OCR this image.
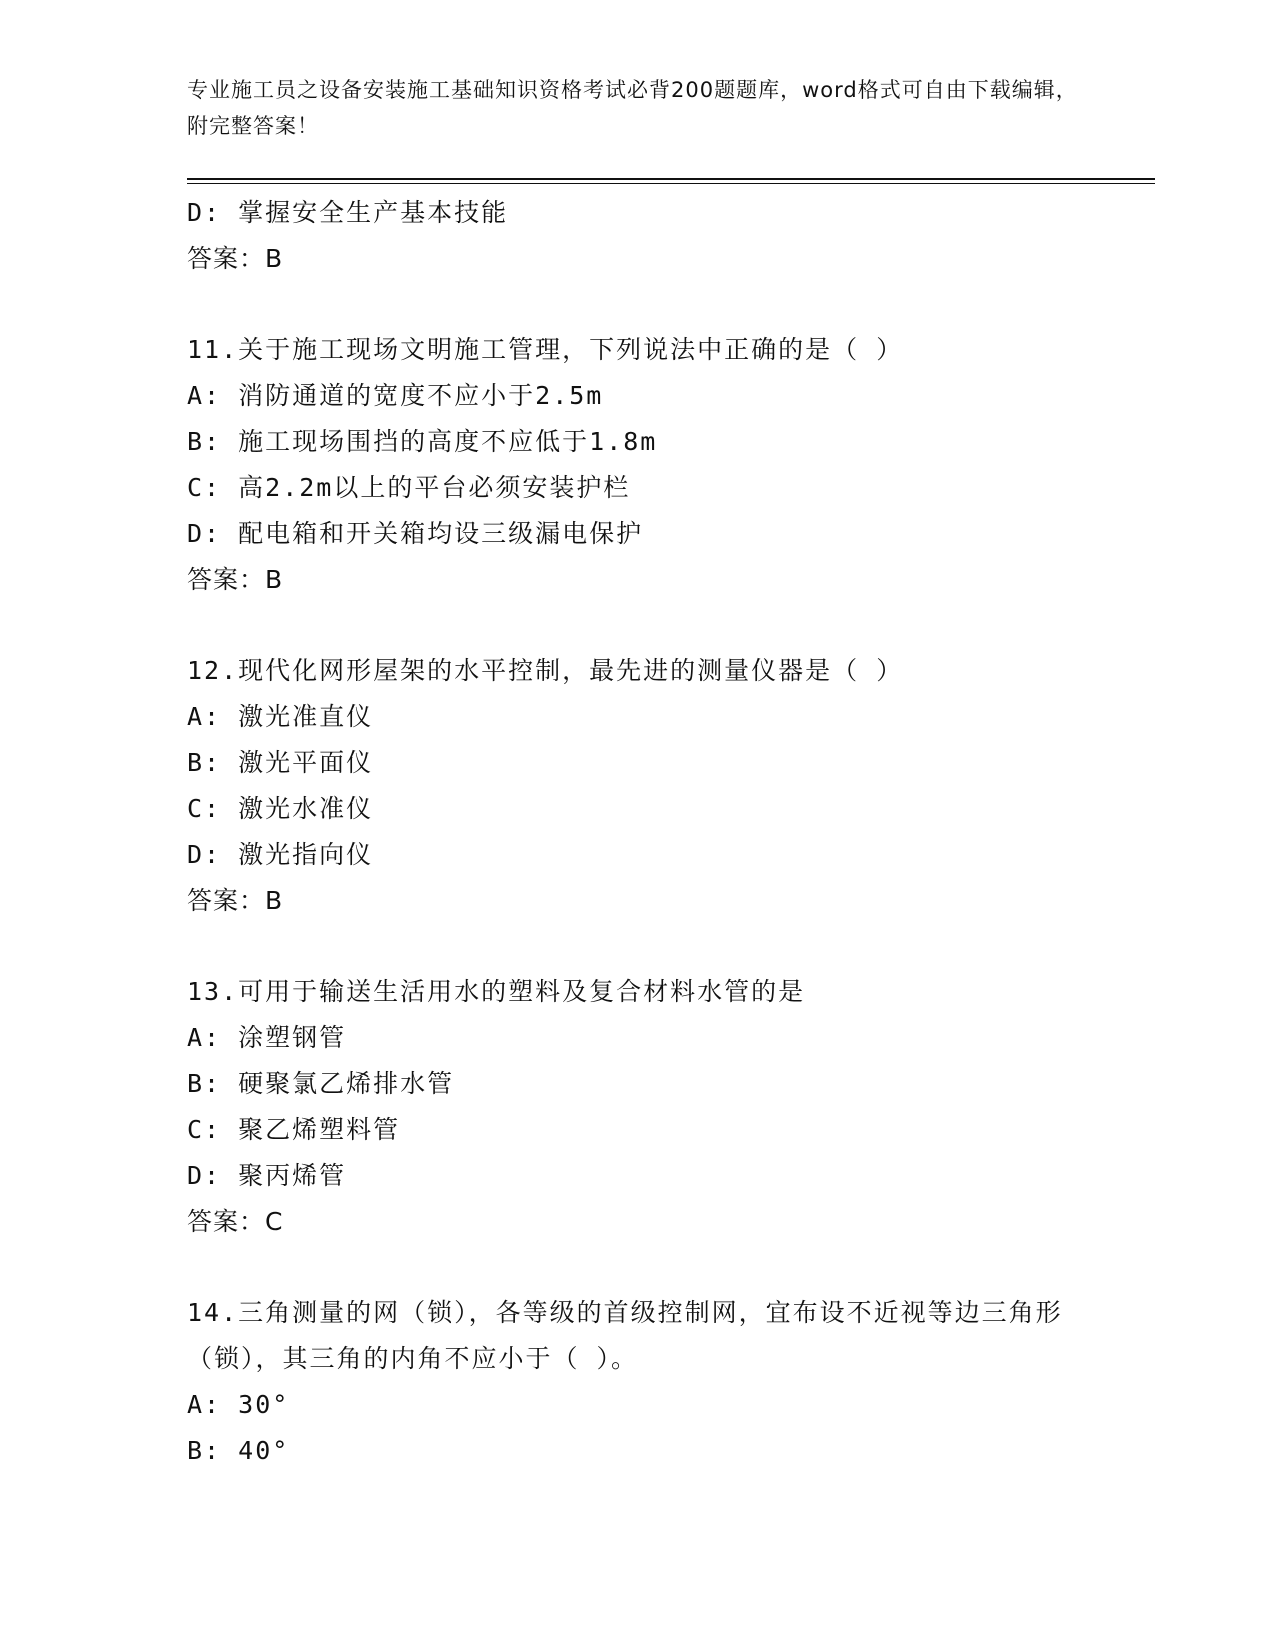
专业施工员之设备安装施工基础知识资格考试必背200题题库，word格式可自由下载编辑，附完整答案！
D: 掌握安全生产基本技能
答案：B
11.关于施工现场文明施工管理，下列说法中正确的是（ ）
A: 消防通道的宽度不应小于2.5m
B: 施工现场围挡的高度不应低于1.8m
C: 高2.2m以上的平台必须安装护栏
D: 配电箱和开关箱均设三级漏电保护
答案：B
12.现代化网形屋架的水平控制，最先进的测量仪器是（ ）
A: 激光准直仪
B: 激光平面仪
C: 激光水准仪
D: 激光指向仪
答案：B
13.可用于输送生活用水的塑料及复合材料水管的是
A: 涂塑钢管
B: 硬聚氯乙烯排水管
C: 聚乙烯塑料管
D: 聚丙烯管
答案：C
14.三角测量的网（锁），各等级的首级控制网，宜布设不近视等边三角形（锁），其三角的内角不应小于（ ）。
A: 30°
B: 40°
